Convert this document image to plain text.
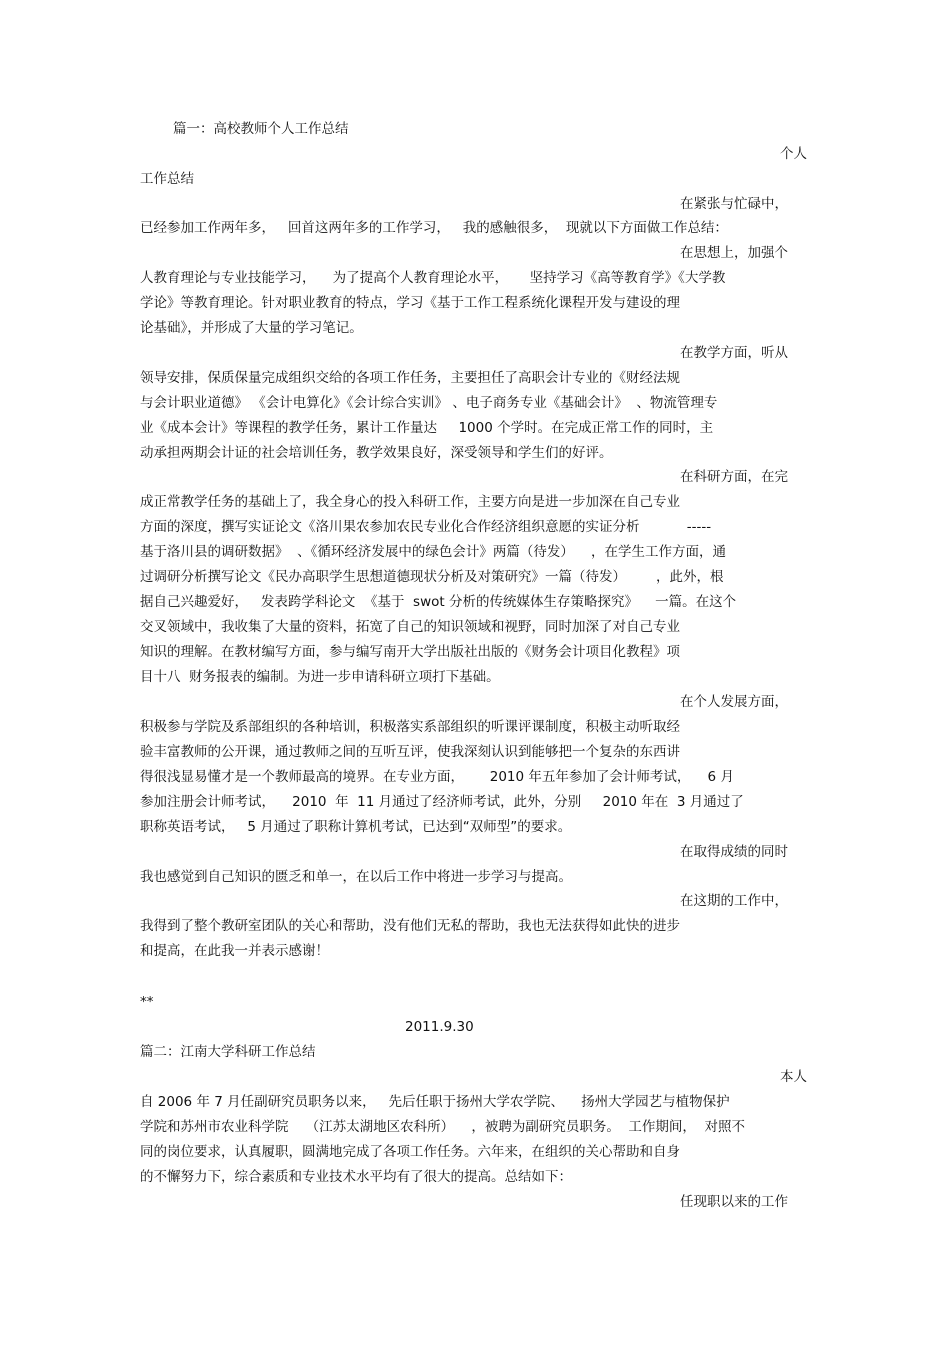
篇一：高校教师个人工作总结
个人
工作总结
在紧张与忙碌中，
已经参加工作两年多，   回首这两年多的工作学习，   我的感触很多，  现就以下方面做工作总结：
在思想上，加强个
人教育理论与专业技能学习，    为了提高个人教育理论水平，     坚持学习《高等教育学》《大学教
学论》等教育理论。针对职业教育的特点，学习《基于工作工程系统化课程开发与建设的理
论基础》，并形成了大量的学习笔记。
在教学方面，听从
领导安排，保质保量完成组织交给的各项工作任务，主要担任了高职会计专业的《财经法规
与会计职业道德》 《会计电算化》《会计综合实训》 、电子商务专业《基础会计》  、物流管理专
业《成本会计》等课程的教学任务，累计工作量达     1000 个学时。在完成正常工作的同时，主
动承担两期会计证的社会培训任务，教学效果良好，深受领导和学生们的好评。
在科研方面，在完
成正常教学任务的基础上了，我全身心的投入科研工作，主要方向是进一步加深在自己专业
方面的深度，撰写实证论文《洛川果农参加农民专业化合作经济组织意愿的实证分析           -----
基于洛川县的调研数据》  、《循环经济发展中的绿色会计》两篇（待发）    ，在学生工作方面，通
过调研分析撰写论文《民办高职学生思想道德现状分析及对策研究》一篇（待发）       ，此外，根
据自己兴趣爱好，   发表跨学科论文  《基于  swot 分析的传统媒体生存策略探究》    一篇。在这个
交叉领域中，我收集了大量的资料，拓宽了自己的知识领域和视野，同时加深了对自己专业
知识的理解。在教材编写方面，参与编写南开大学出版社出版的《财务会计项目化教程》项
目十八  财务报表的编制。为进一步申请科研立项打下基础。
在个人发展方面，
积极参与学院及系部组织的各种培训，积极落实系部组织的听课评课制度，积极主动听取经
验丰富教师的公开课，通过教师之间的互听互评，使我深刻认识到能够把一个复杂的东西讲
得很浅显易懂才是一个教师最高的境界。在专业方面，      2010 年五年参加了会计师考试，    6 月
参加注册会计师考试，    2010  年  11 月通过了经济师考试，此外，分别     2010 年在  3 月通过了
职称英语考试，   5 月通过了职称计算机考试，已达到“双师型”的要求。
在取得成绩的同时
我也感觉到自己知识的匮乏和单一，在以后工作中将进一步学习与提高。
在这期的工作中，
我得到了整个教研室团队的关心和帮助，没有他们无私的帮助，我也无法获得如此快的进步
和提高，在此我一并表示感谢！
**
2011.9.30
篇二：江南大学科研工作总结
本人
自 2006 年 7 月任副研究员职务以来，   先后任职于扬州大学农学院、    扬州大学园艺与植物保护
学院和苏州市农业科学院    （江苏太湖地区农科所）    ，被聘为副研究员职务。  工作期间，  对照不
同的岗位要求，认真履职，圆满地完成了各项工作任务。六年来，在组织的关心帮助和自身
的不懈努力下，综合素质和专业技术水平均有了很大的提高。总结如下：
任现职以来的工作
